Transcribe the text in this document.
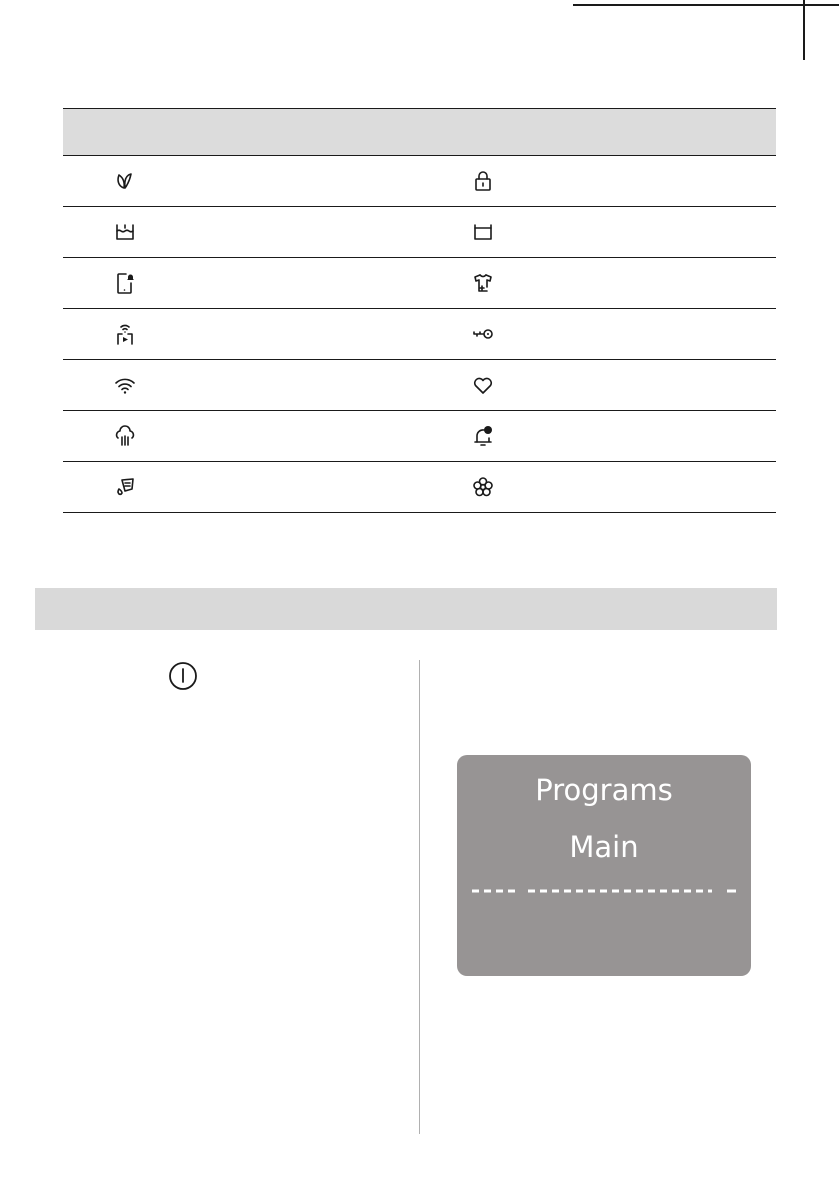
Programs
Main
